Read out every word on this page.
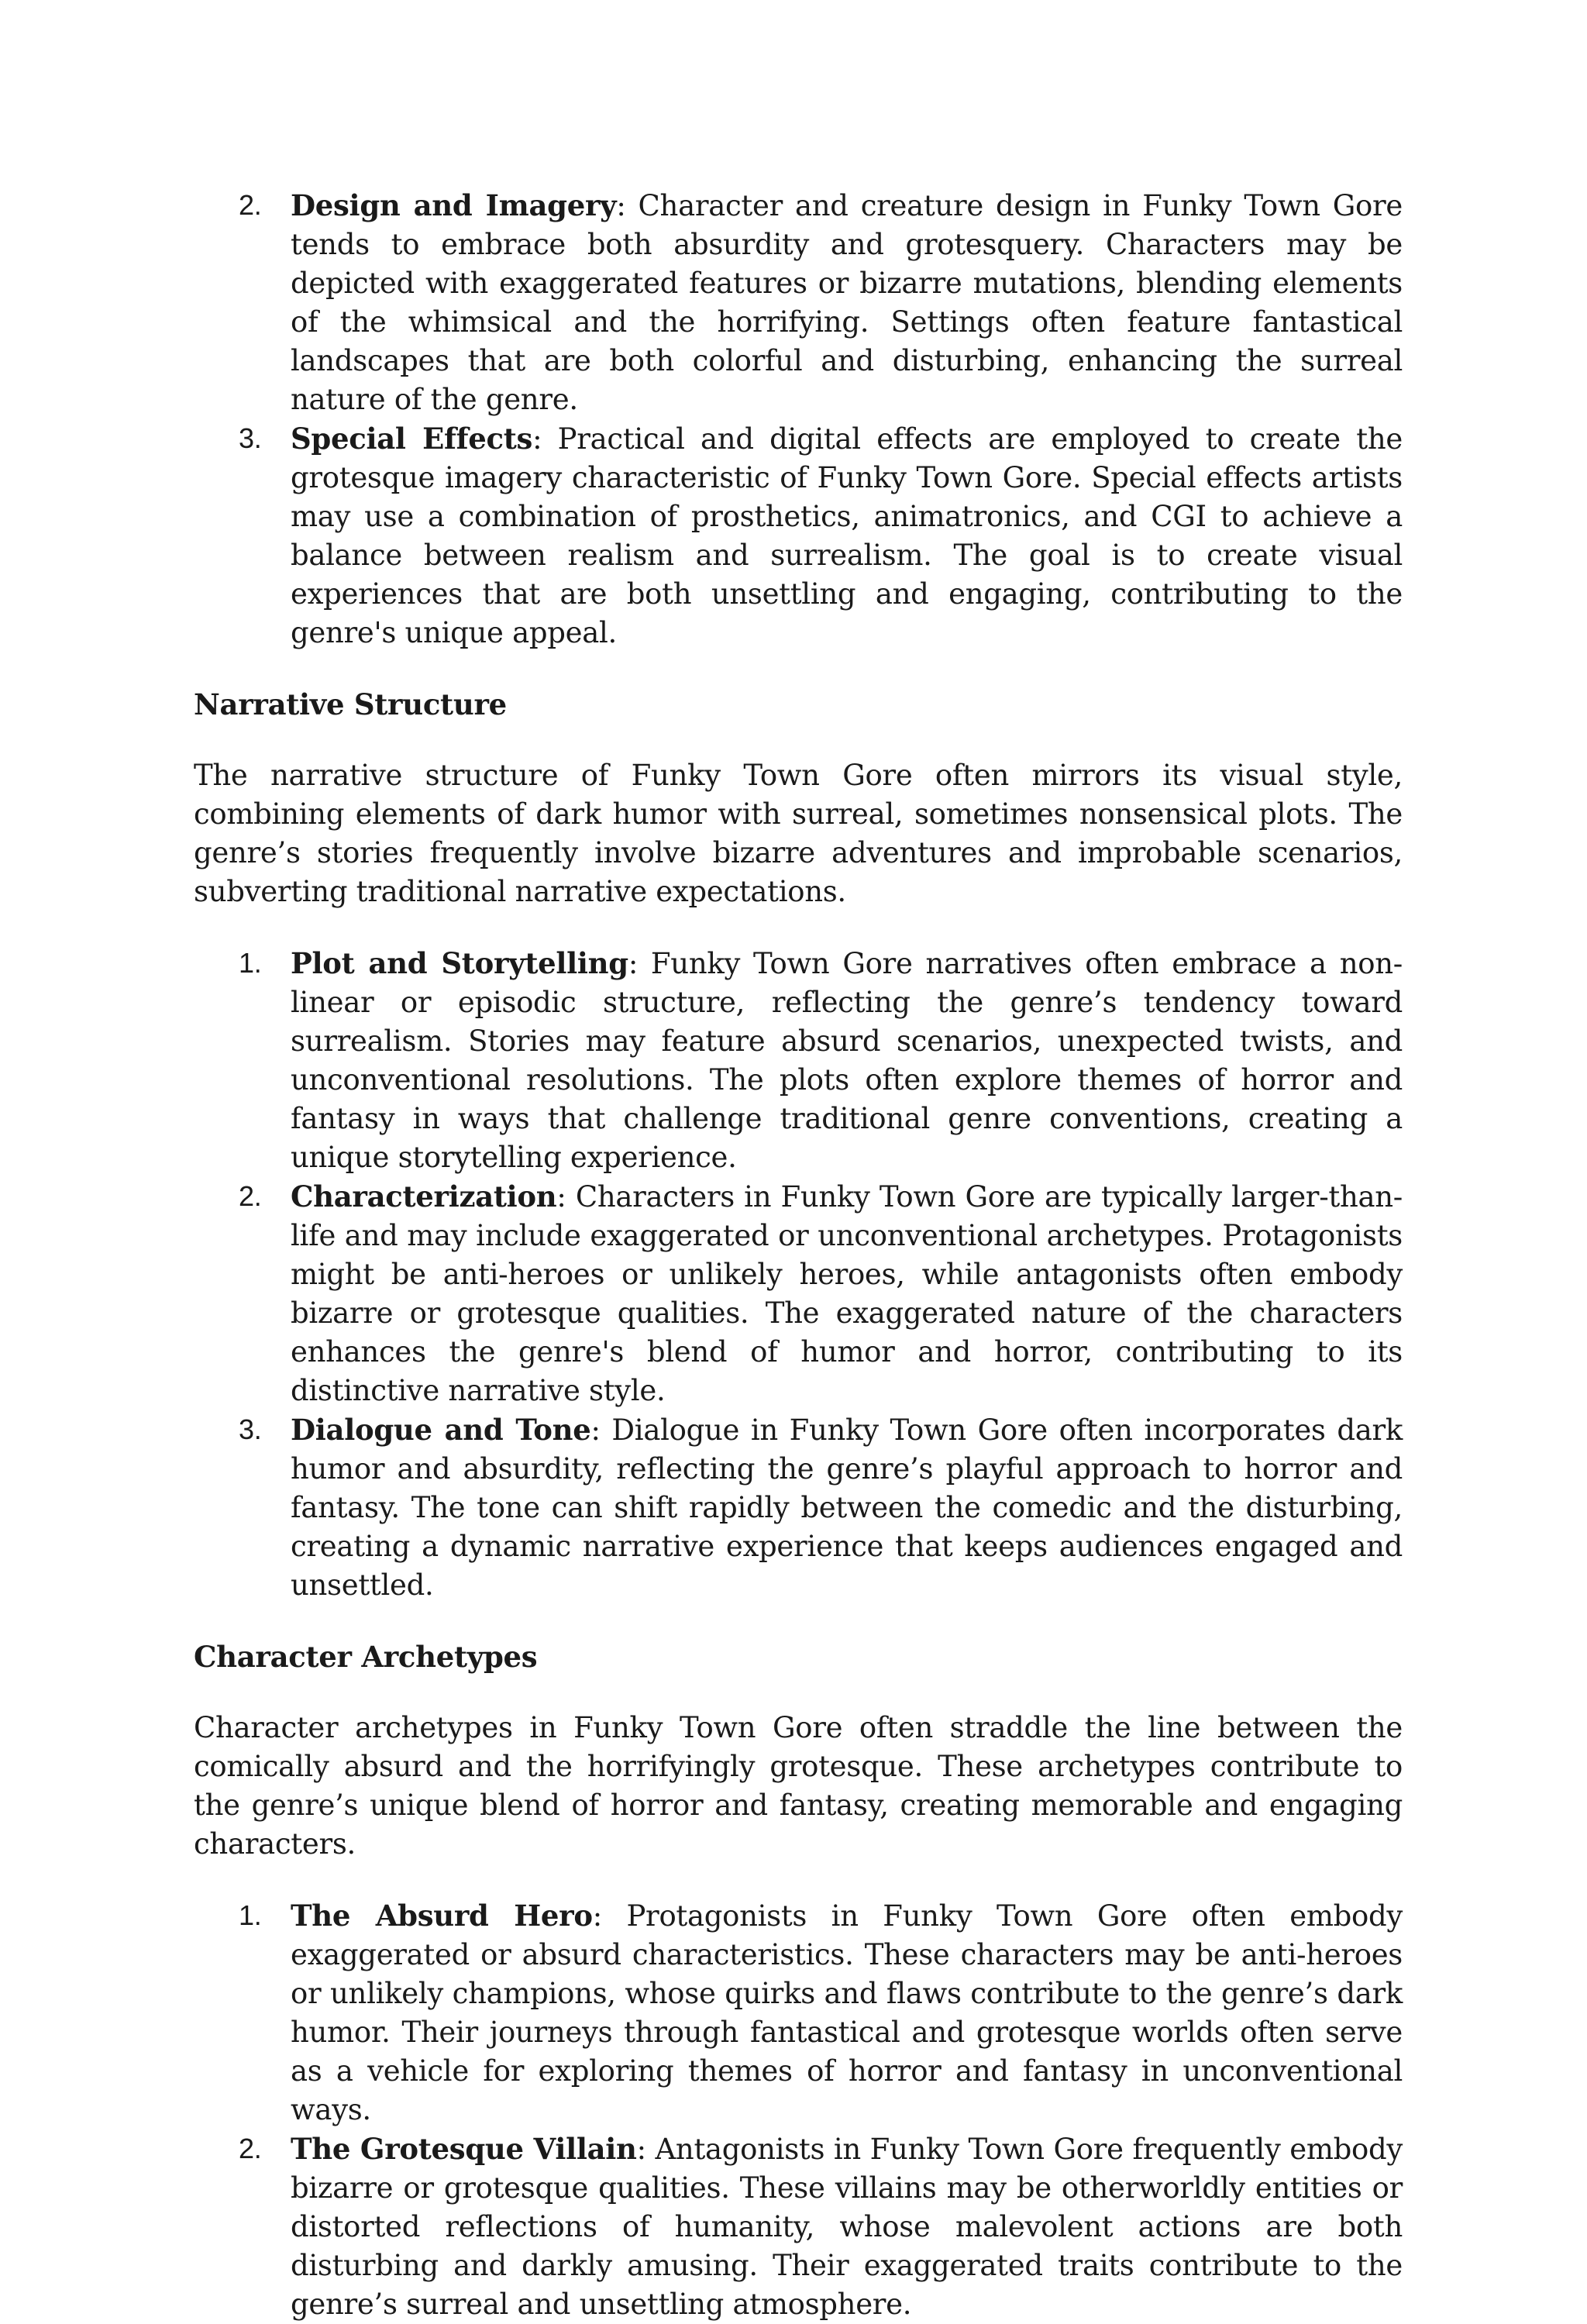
2. Design and Imagery: Character and creature design in Funky Town Gore tends to embrace both absurdity and grotesquery. Characters may be depicted with exaggerated features or bizarre mutations, blending elements of the whimsical and the horrifying. Settings often feature fantastical landscapes that are both colorful and disturbing, enhancing the surreal nature of the genre.
3. Special Effects: Practical and digital effects are employed to create the grotesque imagery characteristic of Funky Town Gore. Special effects artists may use a combination of prosthetics, animatronics, and CGI to achieve a balance between realism and surrealism. The goal is to create visual experiences that are both unsettling and engaging, contributing to the genre's unique appeal.
Narrative Structure

The narrative structure of Funky Town Gore often mirrors its visual style, combining elements of dark humor with surreal, sometimes nonsensical plots. The genre’s stories frequently involve bizarre adventures and improbable scenarios, subverting traditional narrative expectations.

1. Plot and Storytelling: Funky Town Gore narratives often embrace a non-linear or episodic structure, reflecting the genre’s tendency toward surrealism. Stories may feature absurd scenarios, unexpected twists, and unconventional resolutions. The plots often explore themes of horror and fantasy in ways that challenge traditional genre conventions, creating a unique storytelling experience.
2. Characterization: Characters in Funky Town Gore are typically larger-than-life and may include exaggerated or unconventional archetypes. Protagonists might be anti-heroes or unlikely heroes, while antagonists often embody bizarre or grotesque qualities. The exaggerated nature of the characters enhances the genre's blend of humor and horror, contributing to its distinctive narrative style.
3. Dialogue and Tone: Dialogue in Funky Town Gore often incorporates dark humor and absurdity, reflecting the genre’s playful approach to horror and fantasy. The tone can shift rapidly between the comedic and the disturbing, creating a dynamic narrative experience that keeps audiences engaged and unsettled.
Character Archetypes

Character archetypes in Funky Town Gore often straddle the line between the comically absurd and the horrifyingly grotesque. These archetypes contribute to the genre’s unique blend of horror and fantasy, creating memorable and engaging characters.

1. The Absurd Hero: Protagonists in Funky Town Gore often embody exaggerated or absurd characteristics. These characters may be anti-heroes or unlikely champions, whose quirks and flaws contribute to the genre’s dark humor. Their journeys through fantastical and grotesque worlds often serve as a vehicle for exploring themes of horror and fantasy in unconventional ways.
2. The Grotesque Villain: Antagonists in Funky Town Gore frequently embody bizarre or grotesque qualities. These villains may be otherworldly entities or distorted reflections of humanity, whose malevolent actions are both disturbing and darkly amusing. Their exaggerated traits contribute to the genre’s surreal and unsettling atmosphere.
